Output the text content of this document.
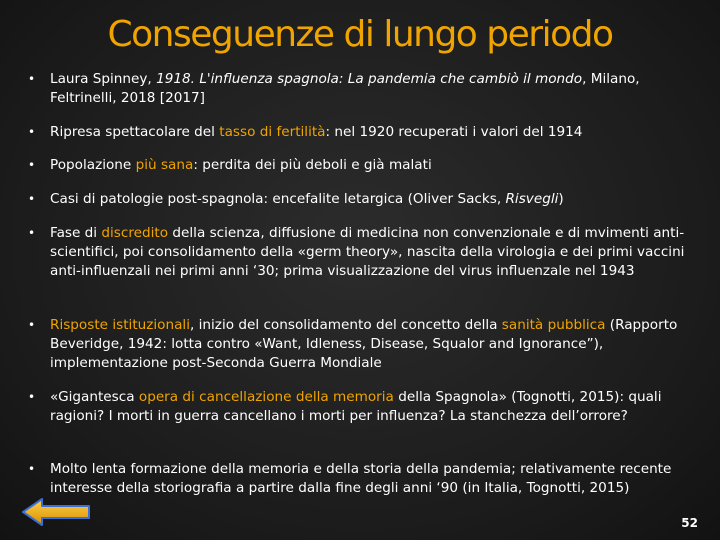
Conseguenze di lungo periodo
• Laura Spinney, 1918. L'influenza spagnola: La pandemia che cambiò il mondo, Milano, Feltrinelli, 2018 [2017]
• Ripresa spettacolare del tasso di fertilità: nel 1920 recuperati i valori del 1914
• Popolazione più sana: perdita dei più deboli e già malati
• Casi di patologie post-spagnola: encefalite letargica (Oliver Sacks, Risvegli)
• Fase di discredito della scienza, diffusione di medicina non convenzionale e di mvimenti anti-scientifici, poi consolidamento della «germ theory», nascita della virologia e dei primi vaccini anti-influenzali nei primi anni ‘30; prima visualizzazione del virus influenzale nel 1943
• Risposte istituzionali, inizio del consolidamento del concetto della sanità pubblica (Rapporto Beveridge, 1942: lotta contro «Want, Idleness, Disease, Squalor and Ignorance”), implementazione post-Seconda Guerra Mondiale
• «Gigantesca opera di cancellazione della memoria della Spagnola» (Tognotti, 2015): quali ragioni? I morti in guerra cancellano i morti per influenza? La stanchezza dell’orrore?
• Molto lenta formazione della memoria e della storia della pandemia; relativamente recente interesse della storiografia a partire dalla fine degli anni ‘90 (in Italia, Tognotti, 2015)
52
